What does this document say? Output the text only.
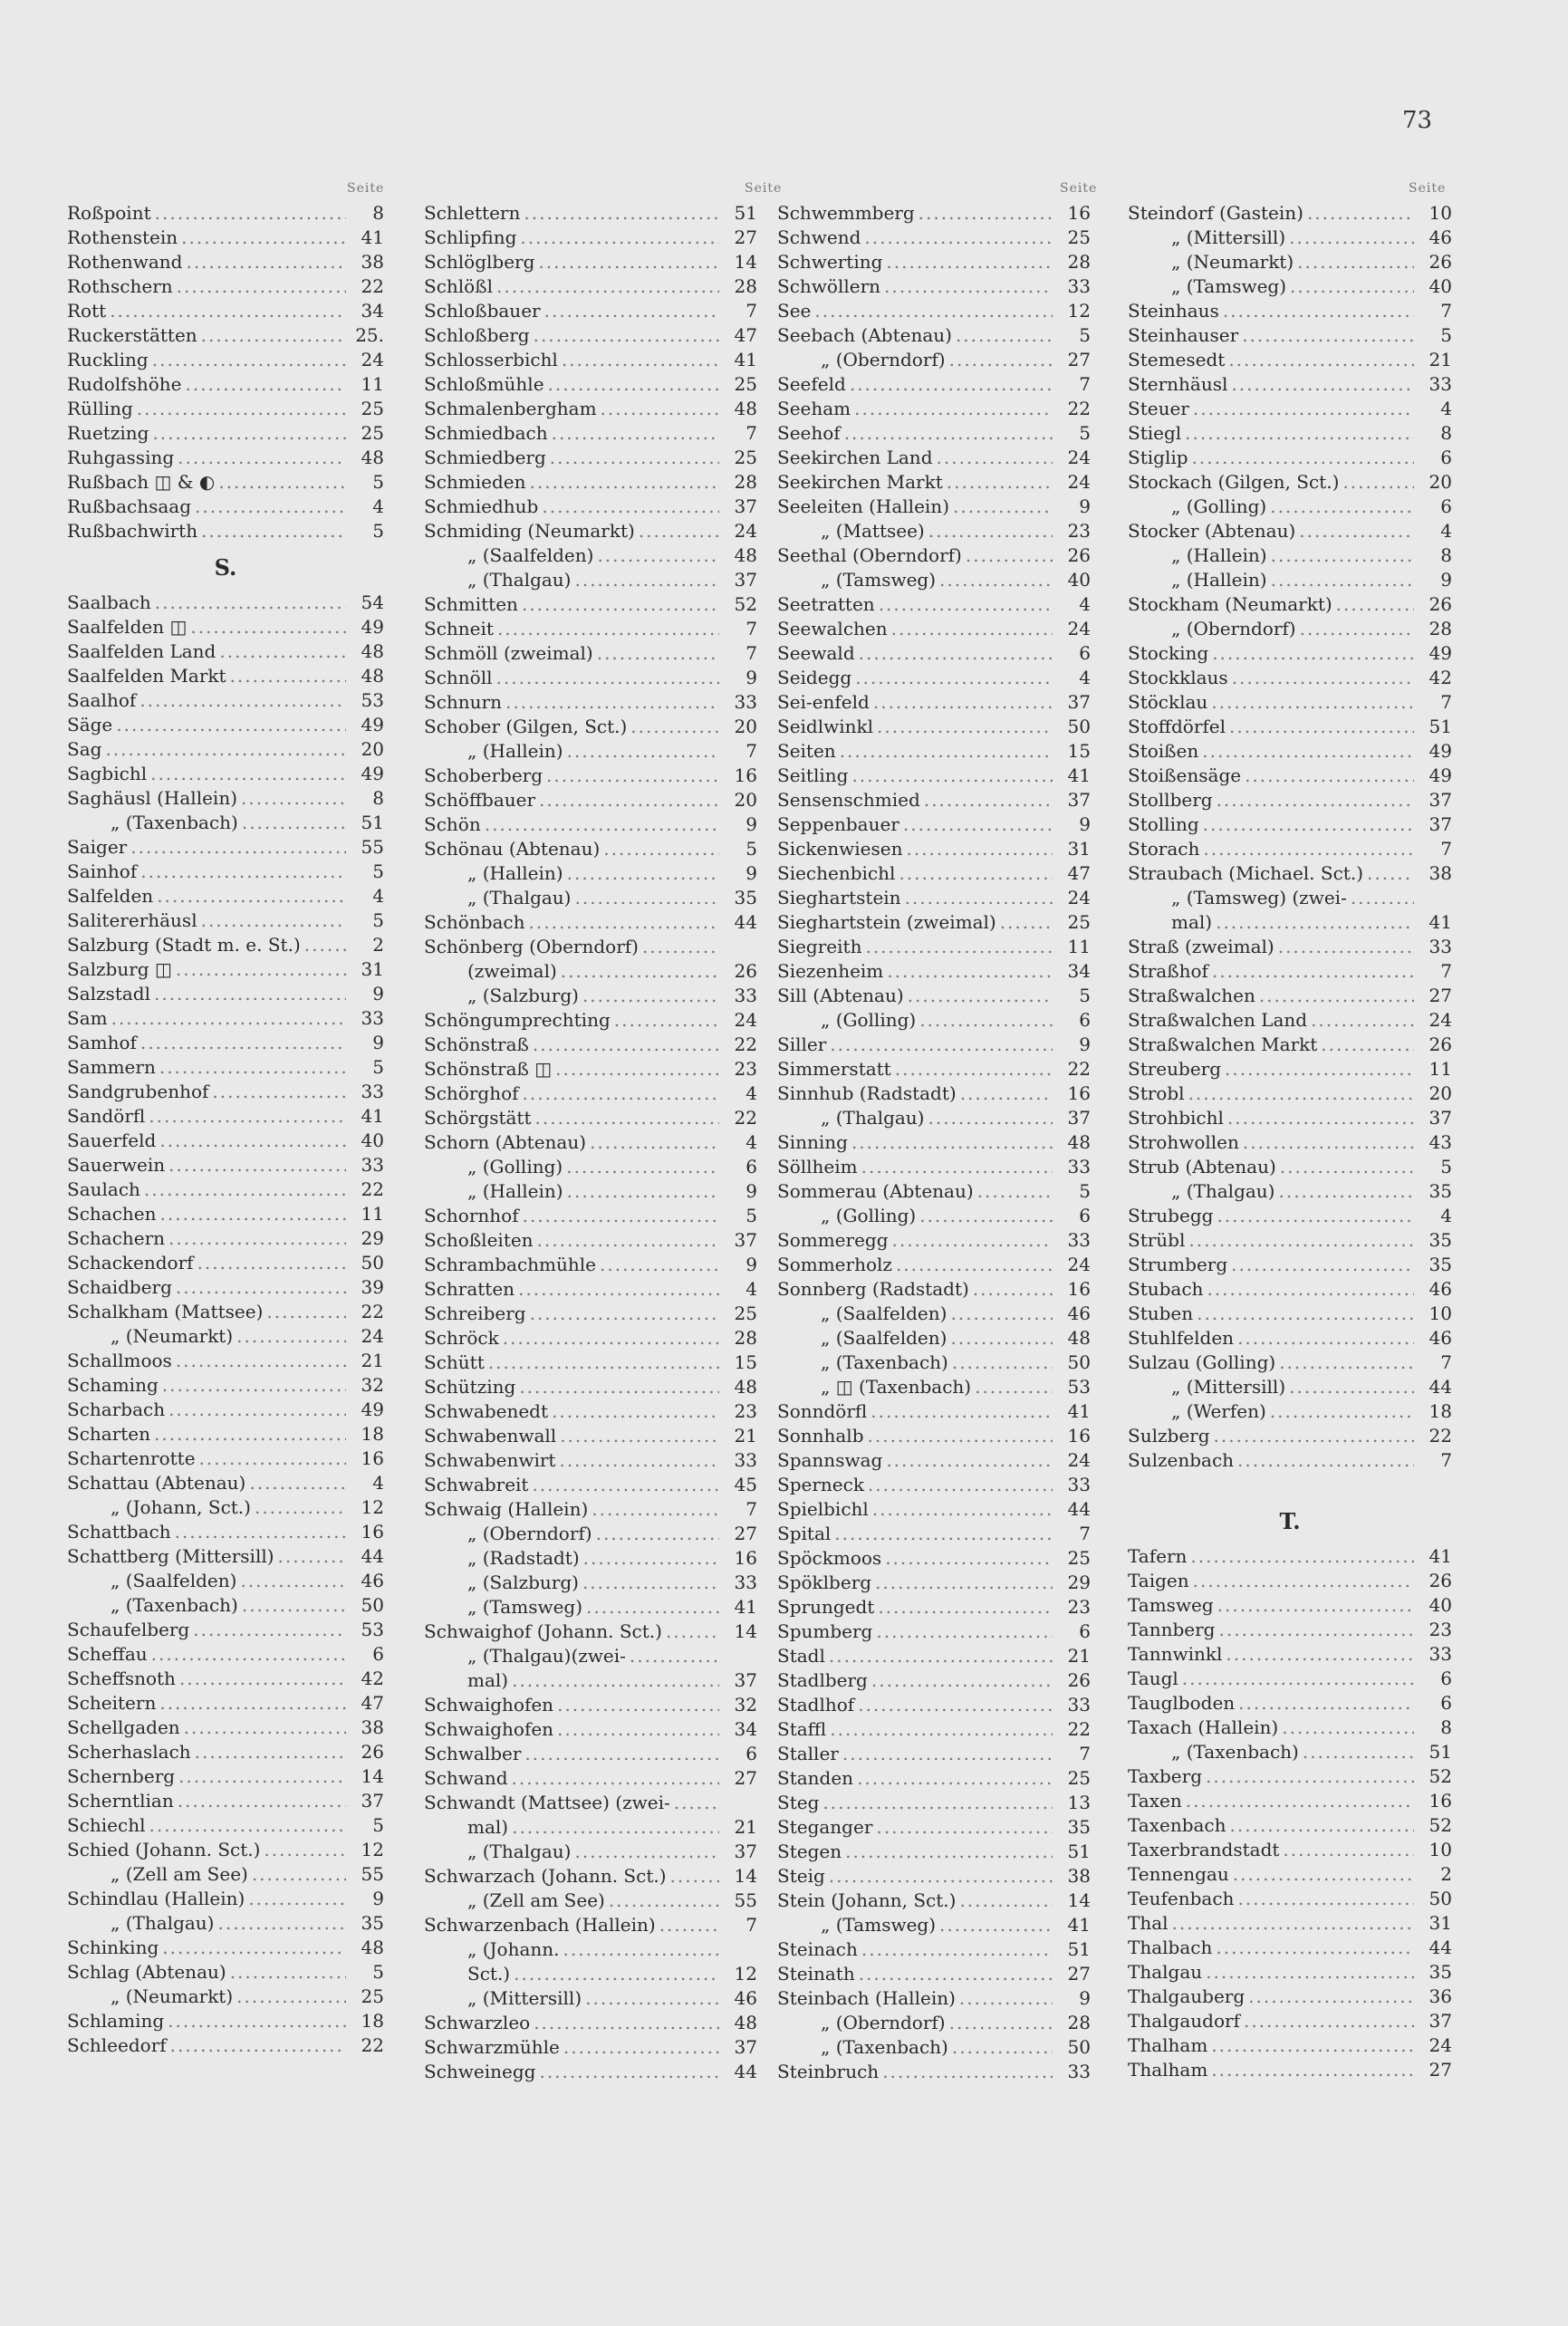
73
Seite	Seite	Seite	Seite
Roßpoint .....	8
Rothenstein .....	41
Rothenwand .....	38
Rothschern .....	22
Rott .....	34
Ruckerstätten .....	25.
Ruckling .....	24
Rudolfshöhe .....	11
Rülling .....	25
Ruetzing .....	25
Ruhgassing .....	48
Rußbach ◫ & ◐ .....	5
Rußbachsaag .....	4
Rußbachwirth .....	5
S.
Saalbach .....	54
Saalfelden ◫ .....	49
Saalfelden Land .....	48
Saalfelden Markt .....	48
Saalhof .....	53
Säge .....	49
Sag .....	20
Sagbichl .....	49
Saghäusl (Hallein) .....	8
„ (Taxenbach) .....	51
Saiger .....	55
Sainhof .....	5
Salfelden .....	4
Salitererhäusl .....	5
Salzburg (Stadt m. e. St.) .....	2
Salzburg ◫ .....	31
Salzstadl .....	9
Sam .....	33
Samhof .....	9
Sammern .....	5
Sandgrubenhof .....	33
Sandörfl .....	41
Sauerfeld .....	40
Sauerwein .....	33
Saulach .....	22
Schachen .....	11
Schachern .....	29
Schackendorf .....	50
Schaidberg .....	39
Schalkham (Mattsee) .....	22
„ (Neumarkt) .....	24
Schallmoos .....	21
Schaming .....	32
Scharbach .....	49
Scharten .....	18
Schartenrotte .....	16
Schattau (Abtenau) .....	4
„ (Johann, Sct.) .....	12
Schattbach .....	16
Schattberg (Mittersill) .....	44
„ (Saalfelden) .....	46
„ (Taxenbach) .....	50
Schaufelberg .....	53
Scheffau .....	6
Scheffsnoth .....	42
Scheitern .....	47
Schellgaden .....	38
Scherhaslach .....	26
Schernberg .....	14
Scherntlian .....	37
Schiechl .....	5
Schied (Johann. Sct.) .....	12
„ (Zell am See) .....	55
Schindlau (Hallein) .....	9
„ (Thalgau) .....	35
Schinking .....	48
Schlag (Abtenau) .....	5
„ (Neumarkt) .....	25
Schlaming .....	18
Schleedorf .....	22
Schlettern .....	51
Schlipfing .....	27
Schlöglberg .....	14
Schlößl .....	28
Schloßbauer .....	7
Schloßberg .....	47
Schlosserbichl .....	41
Schloßmühle .....	25
Schmalenbergham .....	48
Schmiedbach .....	7
Schmiedberg .....	25
Schmieden .....	28
Schmiedhub .....	37
Schmiding (Neumarkt) .....	24
„ (Saalfelden) .....	48
„ (Thalgau) .....	37
Schmitten .....	52
Schneit .....	7
Schmöll (zweimal) .....	7
Schnöll .....	9
Schnurn .....	33
Schober (Gilgen, Sct.) .....	20
„ (Hallein) .....	7
Schoberberg .....	16
Schöffbauer .....	20
Schön .....	9
Schönau (Abtenau) .....	5
„ (Hallein) .....	9
„ (Thalgau) .....	35
Schönbach .....	44
Schönberg (Oberndorf)
.....
(zweimal) .....	26
„ (Salzburg) .....	33
Schöngumprechting .....	24
Schönstraß .....	22
Schönstraß ◫ .....	23
Schörghof .....	4
Schörgstätt .....	22
Schorn (Abtenau) .....	4
„ (Golling) .....	6
„ (Hallein) .....	9
Schornhof .....	5
Schoßleiten .....	37
Schrambachmühle .....	9
Schratten .....	4
Schreiberg .....	25
Schröck .....	28
Schütt .....	15
Schützing .....	48
Schwabenedt .....	23
Schwabenwall .....	21
Schwabenwirt .....	33
Schwabreit .....	45
Schwaig (Hallein) .....	7
„ (Oberndorf) .....	27
„ (Radstadt) .....	16
„ (Salzburg) .....	33
„ (Tamsweg) .....	41
Schwaighof (Johann. Sct.) .....	14
„ (Thalgau)(zwei-
.....
mal) .....	37
Schwaighofen .....	32
Schwaighofen .....	34
Schwalber .....	6
Schwand .....	27
Schwandt (Mattsee) (zwei-
.....
mal) .....	21
„ (Thalgau) .....	37
Schwarzach (Johann. Sct.) .....	14
„ (Zell am See) .....	55
Schwarzenbach (Hallein) .....	7
„ (Johann.
.....
Sct.) .....	12
„ (Mittersill) .....	46
Schwarzleo .....	48
Schwarzmühle .....	37
Schweinegg .....	44
Schwemmberg .....	16
Schwend .....	25
Schwerting .....	28
Schwöllern .....	33
See .....	12
Seebach (Abtenau) .....	5
„ (Oberndorf) .....	27
Seefeld .....	7
Seeham .....	22
Seehof .....	5
Seekirchen Land .....	24
Seekirchen Markt .....	24
Seeleiten (Hallein) .....	9
„ (Mattsee) .....	23
Seethal (Oberndorf) .....	26
„ (Tamsweg) .....	40
Seetratten .....	4
Seewalchen .....	24
Seewald .....	6
Seidegg .....	4
Sei-enfeld .....	37
Seidlwinkl .....	50
Seiten .....	15
Seitling .....	41
Sensenschmied .....	37
Seppenbauer .....	9
Sickenwiesen .....	31
Siechenbichl .....	47
Sieghartstein .....	24
Sieghartstein (zweimal) .....	25
Siegreith .....	11
Siezenheim .....	34
Sill (Abtenau) .....	5
„ (Golling) .....	6
Siller .....	9
Simmerstatt .....	22
Sinnhub (Radstadt) .....	16
„ (Thalgau) .....	37
Sinning .....	48
Söllheim .....	33
Sommerau (Abtenau) .....	5
„ (Golling) .....	6
Sommeregg .....	33
Sommerholz .....	24
Sonnberg (Radstadt) .....	16
„ (Saalfelden) .....	46
„ (Saalfelden) .....	48
„ (Taxenbach) .....	50
„ ◫ (Taxenbach) .....	53
Sonndörfl .....	41
Sonnhalb .....	16
Spannswag .....	24
Sperneck .....	33
Spielbichl .....	44
Spital .....	7
Spöckmoos .....	25
Spöklberg .....	29
Sprungedt .....	23
Spumberg .....	6
Stadl .....	21
Stadlberg .....	26
Stadlhof .....	33
Staffl .....	22
Staller .....	7
Standen .....	25
Steg .....	13
Steganger .....	35
Stegen .....	51
Steig .....	38
Stein (Johann, Sct.) .....	14
„ (Tamsweg) .....	41
Steinach .....	51
Steinath .....	27
Steinbach (Hallein) .....	9
„ (Oberndorf) .....	28
„ (Taxenbach) .....	50
Steinbruch .....	33
Steindorf (Gastein) .....	10
„ (Mittersill) .....	46
„ (Neumarkt) .....	26
„ (Tamsweg) .....	40
Steinhaus .....	7
Steinhauser .....	5
Stemesedt .....	21
Sternhäusl .....	33
Steuer .....	4
Stiegl .....	8
Stiglip .....	6
Stockach (Gilgen, Sct.) .....	20
„ (Golling) .....	6
Stocker (Abtenau) .....	4
„ (Hallein) .....	8
„ (Hallein) .....	9
Stockham (Neumarkt) .....	26
„ (Oberndorf) .....	28
Stocking .....	49
Stockklaus .....	42
Stöcklau .....	7
Stoffdörfel .....	51
Stoißen .....	49
Stoißensäge .....	49
Stollberg .....	37
Stolling .....	37
Storach .....	7
Straubach (Michael. Sct.) .....	38
„ (Tamsweg) (zwei-
.....
mal) .....	41
Straß (zweimal) .....	33
Straßhof .....	7
Straßwalchen .....	27
Straßwalchen Land .....	24
Straßwalchen Markt .....	26
Streuberg .....	11
Strobl .....	20
Strohbichl .....	37
Strohwollen .....	43
Strub (Abtenau) .....	5
„ (Thalgau) .....	35
Strubegg .....	4
Strübl .....	35
Strumberg .....	35
Stubach .....	46
Stuben .....	10
Stuhlfelden .....	46
Sulzau (Golling) .....	7
„ (Mittersill) .....	44
„ (Werfen) .....	18
Sulzberg .....	22
Sulzenbach .....	7
T.
Tafern .....	41
Taigen .....	26
Tamsweg .....	40
Tannberg .....	23
Tannwinkl .....	33
Taugl .....	6
Tauglboden .....	6
Taxach (Hallein) .....	8
„ (Taxenbach) .....	51
Taxberg .....	52
Taxen .....	16
Taxenbach .....	52
Taxerbrandstadt .....	10
Tennengau .....	2
Teufenbach .....	50
Thal .....	31
Thalbach .....	44
Thalgau .....	35
Thalgauberg .....	36
Thalgaudorf .....	37
Thalham .....	24
Thalham .....	27
